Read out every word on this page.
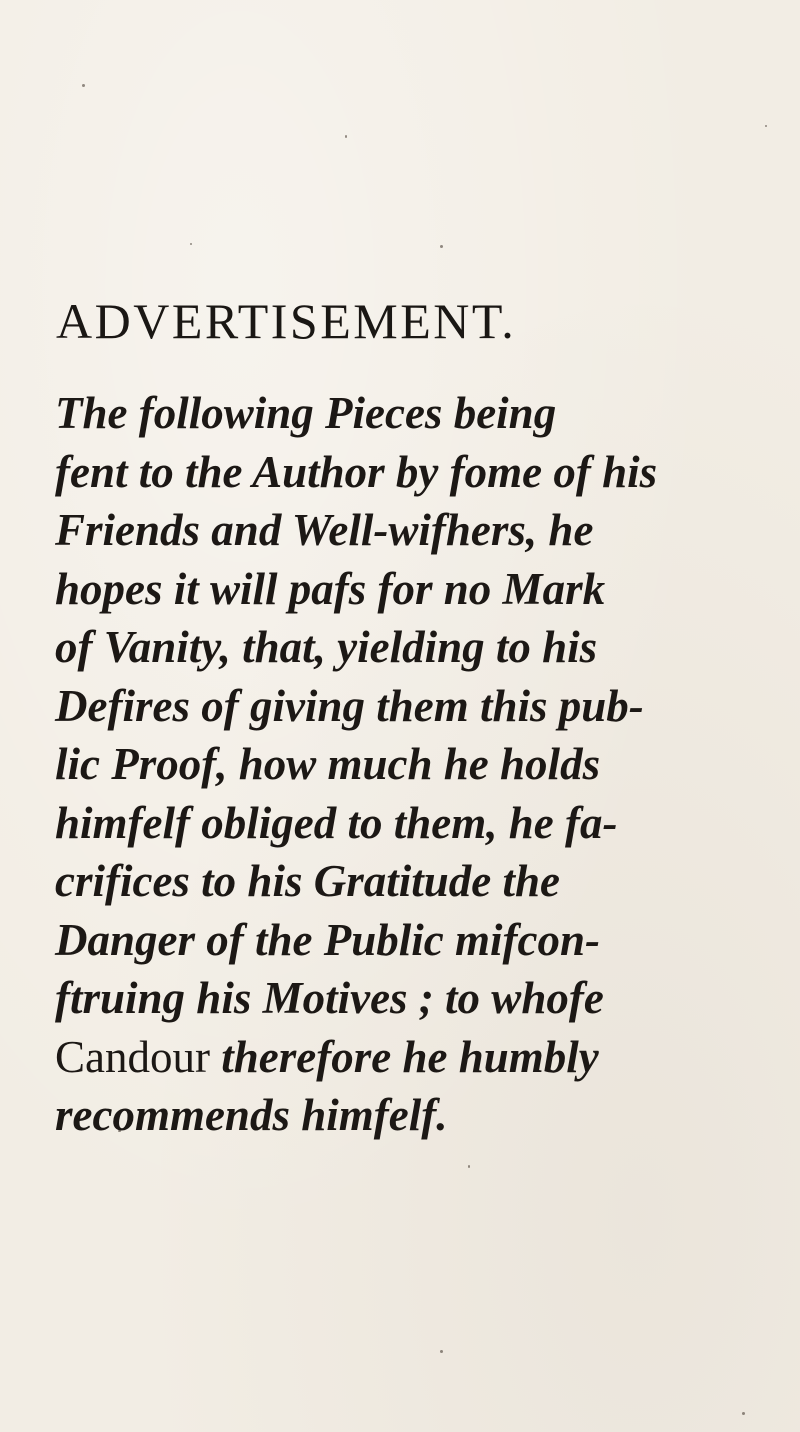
ADVERTISEMENT.
The following Pieces being
fent to the Author by fome of his
Friends and Well-wifhers, he
hopes it will pafs for no Mark
of Vanity, that, yielding to his
Defires of giving them this pub-
lic Proof, how much he holds
himfelf obliged to them, he fa-
crifices to his Gratitude the
Danger of the Public mifcon-
ftruing his Motives ; to whofe
Candour therefore he humbly
recommends himfelf.
